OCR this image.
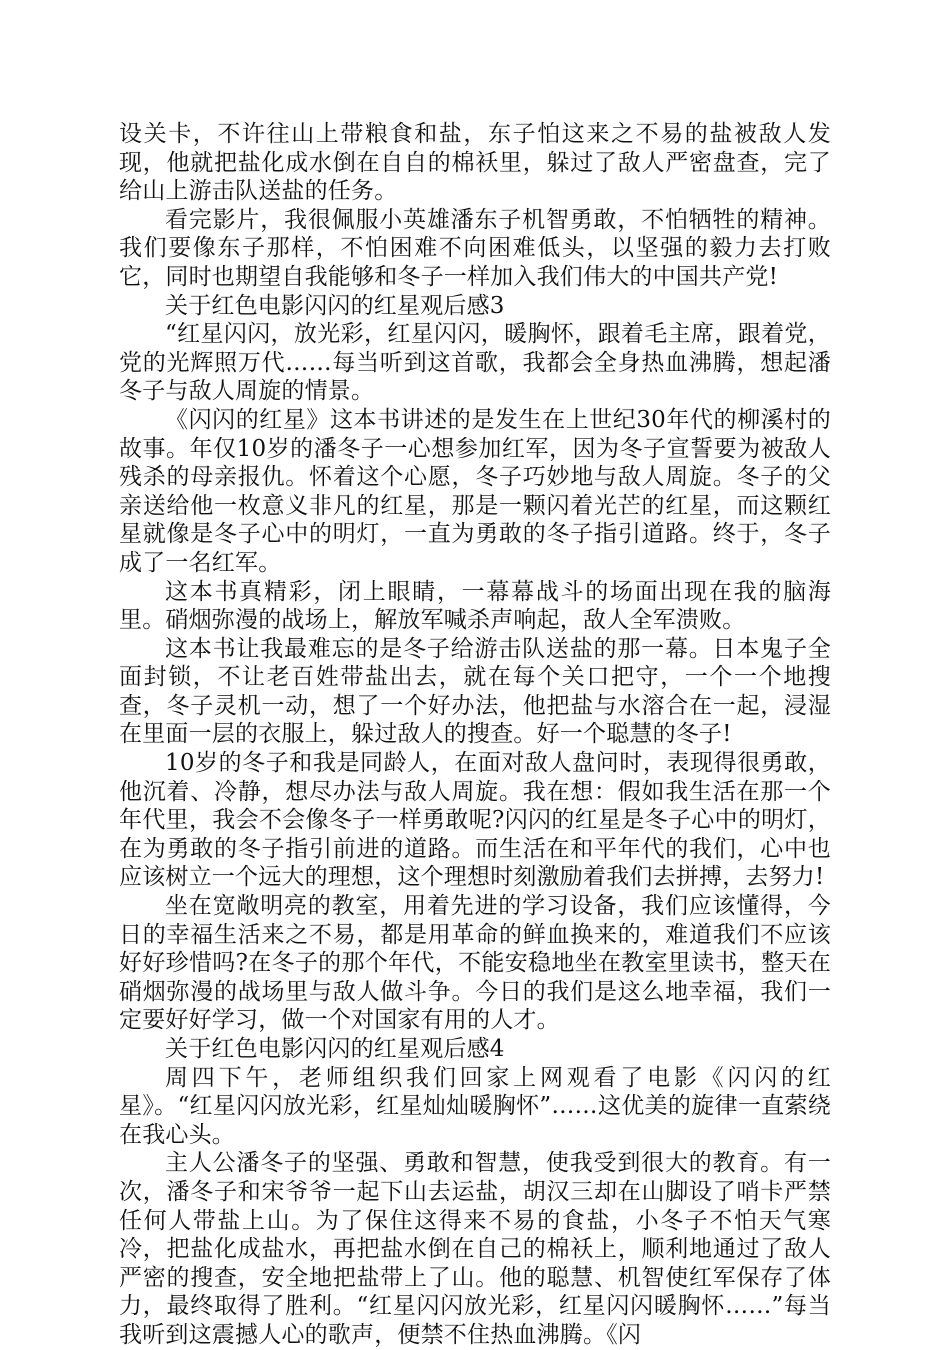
设关卡，不许往山上带粮食和盐，东子怕这来之不易的盐被敌人发现，他就把盐化成水倒在自自的棉袄里，躲过了敌人严密盘查，完了给山上游击队送盐的任务。

看完影片，我很佩服小英雄潘东子机智勇敢，不怕牺牲的精神。我们要像东子那样，不怕困难不向困难低头，以坚强的毅力去打败它，同时也期望自我能够和冬子一样加入我们伟大的中国共产党!

关于红色电影闪闪的红星观后感3

“红星闪闪，放光彩，红星闪闪，暖胸怀，跟着毛主席，跟着党，党的光辉照万代……每当听到这首歌，我都会全身热血沸腾，想起潘冬子与敌人周旋的情景。

《闪闪的红星》这本书讲述的是发生在上世纪30年代的柳溪村的故事。年仅10岁的潘冬子一心想参加红军，因为冬子宣誓要为被敌人残杀的母亲报仇。怀着这个心愿，冬子巧妙地与敌人周旋。冬子的父亲送给他一枚意义非凡的红星，那是一颗闪着光芒的红星，而这颗红星就像是冬子心中的明灯，一直为勇敢的冬子指引道路。终于，冬子成了一名红军。

这本书真精彩，闭上眼睛，一幕幕战斗的场面出现在我的脑海里。硝烟弥漫的战场上，解放军喊杀声响起，敌人全军溃败。

这本书让我最难忘的是冬子给游击队送盐的那一幕。日本鬼子全面封锁，不让老百姓带盐出去，就在每个关口把守，一个一个地搜查，冬子灵机一动，想了一个好办法，他把盐与水溶合在一起，浸湿在里面一层的衣服上，躲过敌人的搜查。好一个聪慧的冬子!

10岁的冬子和我是同龄人，在面对敌人盘问时，表现得很勇敢，他沉着、冷静，想尽办法与敌人周旋。我在想：假如我生活在那一个年代里，我会不会像冬子一样勇敢呢?闪闪的红星是冬子心中的明灯，在为勇敢的冬子指引前进的道路。而生活在和平年代的我们，心中也应该树立一个远大的理想，这个理想时刻激励着我们去拼搏，去努力!

坐在宽敞明亮的教室，用着先进的学习设备，我们应该懂得，今日的幸福生活来之不易，都是用革命的鲜血换来的，难道我们不应该好好珍惜吗?在冬子的那个年代，不能安稳地坐在教室里读书，整天在硝烟弥漫的战场里与敌人做斗争。今日的我们是这么地幸福，我们一定要好好学习，做一个对国家有用的人才。

关于红色电影闪闪的红星观后感4

周四下午，老师组织我们回家上网观看了电影《闪闪的红星》。“红星闪闪放光彩，红星灿灿暖胸怀”……这优美的旋律一直萦绕在我心头。

主人公潘冬子的坚强、勇敢和智慧，使我受到很大的教育。有一次，潘冬子和宋爷爷一起下山去运盐，胡汉三却在山脚设了哨卡严禁任何人带盐上山。为了保住这得来不易的食盐，小冬子不怕天气寒冷，把盐化成盐水，再把盐水倒在自己的棉袄上，顺利地通过了敌人严密的搜查，安全地把盐带上了山。他的聪慧、机智使红军保存了体力，最终取得了胜利。“红星闪闪放光彩，红星闪闪暖胸怀……”每当我听到这震撼人心的歌声，便禁不住热血沸腾。《闪
